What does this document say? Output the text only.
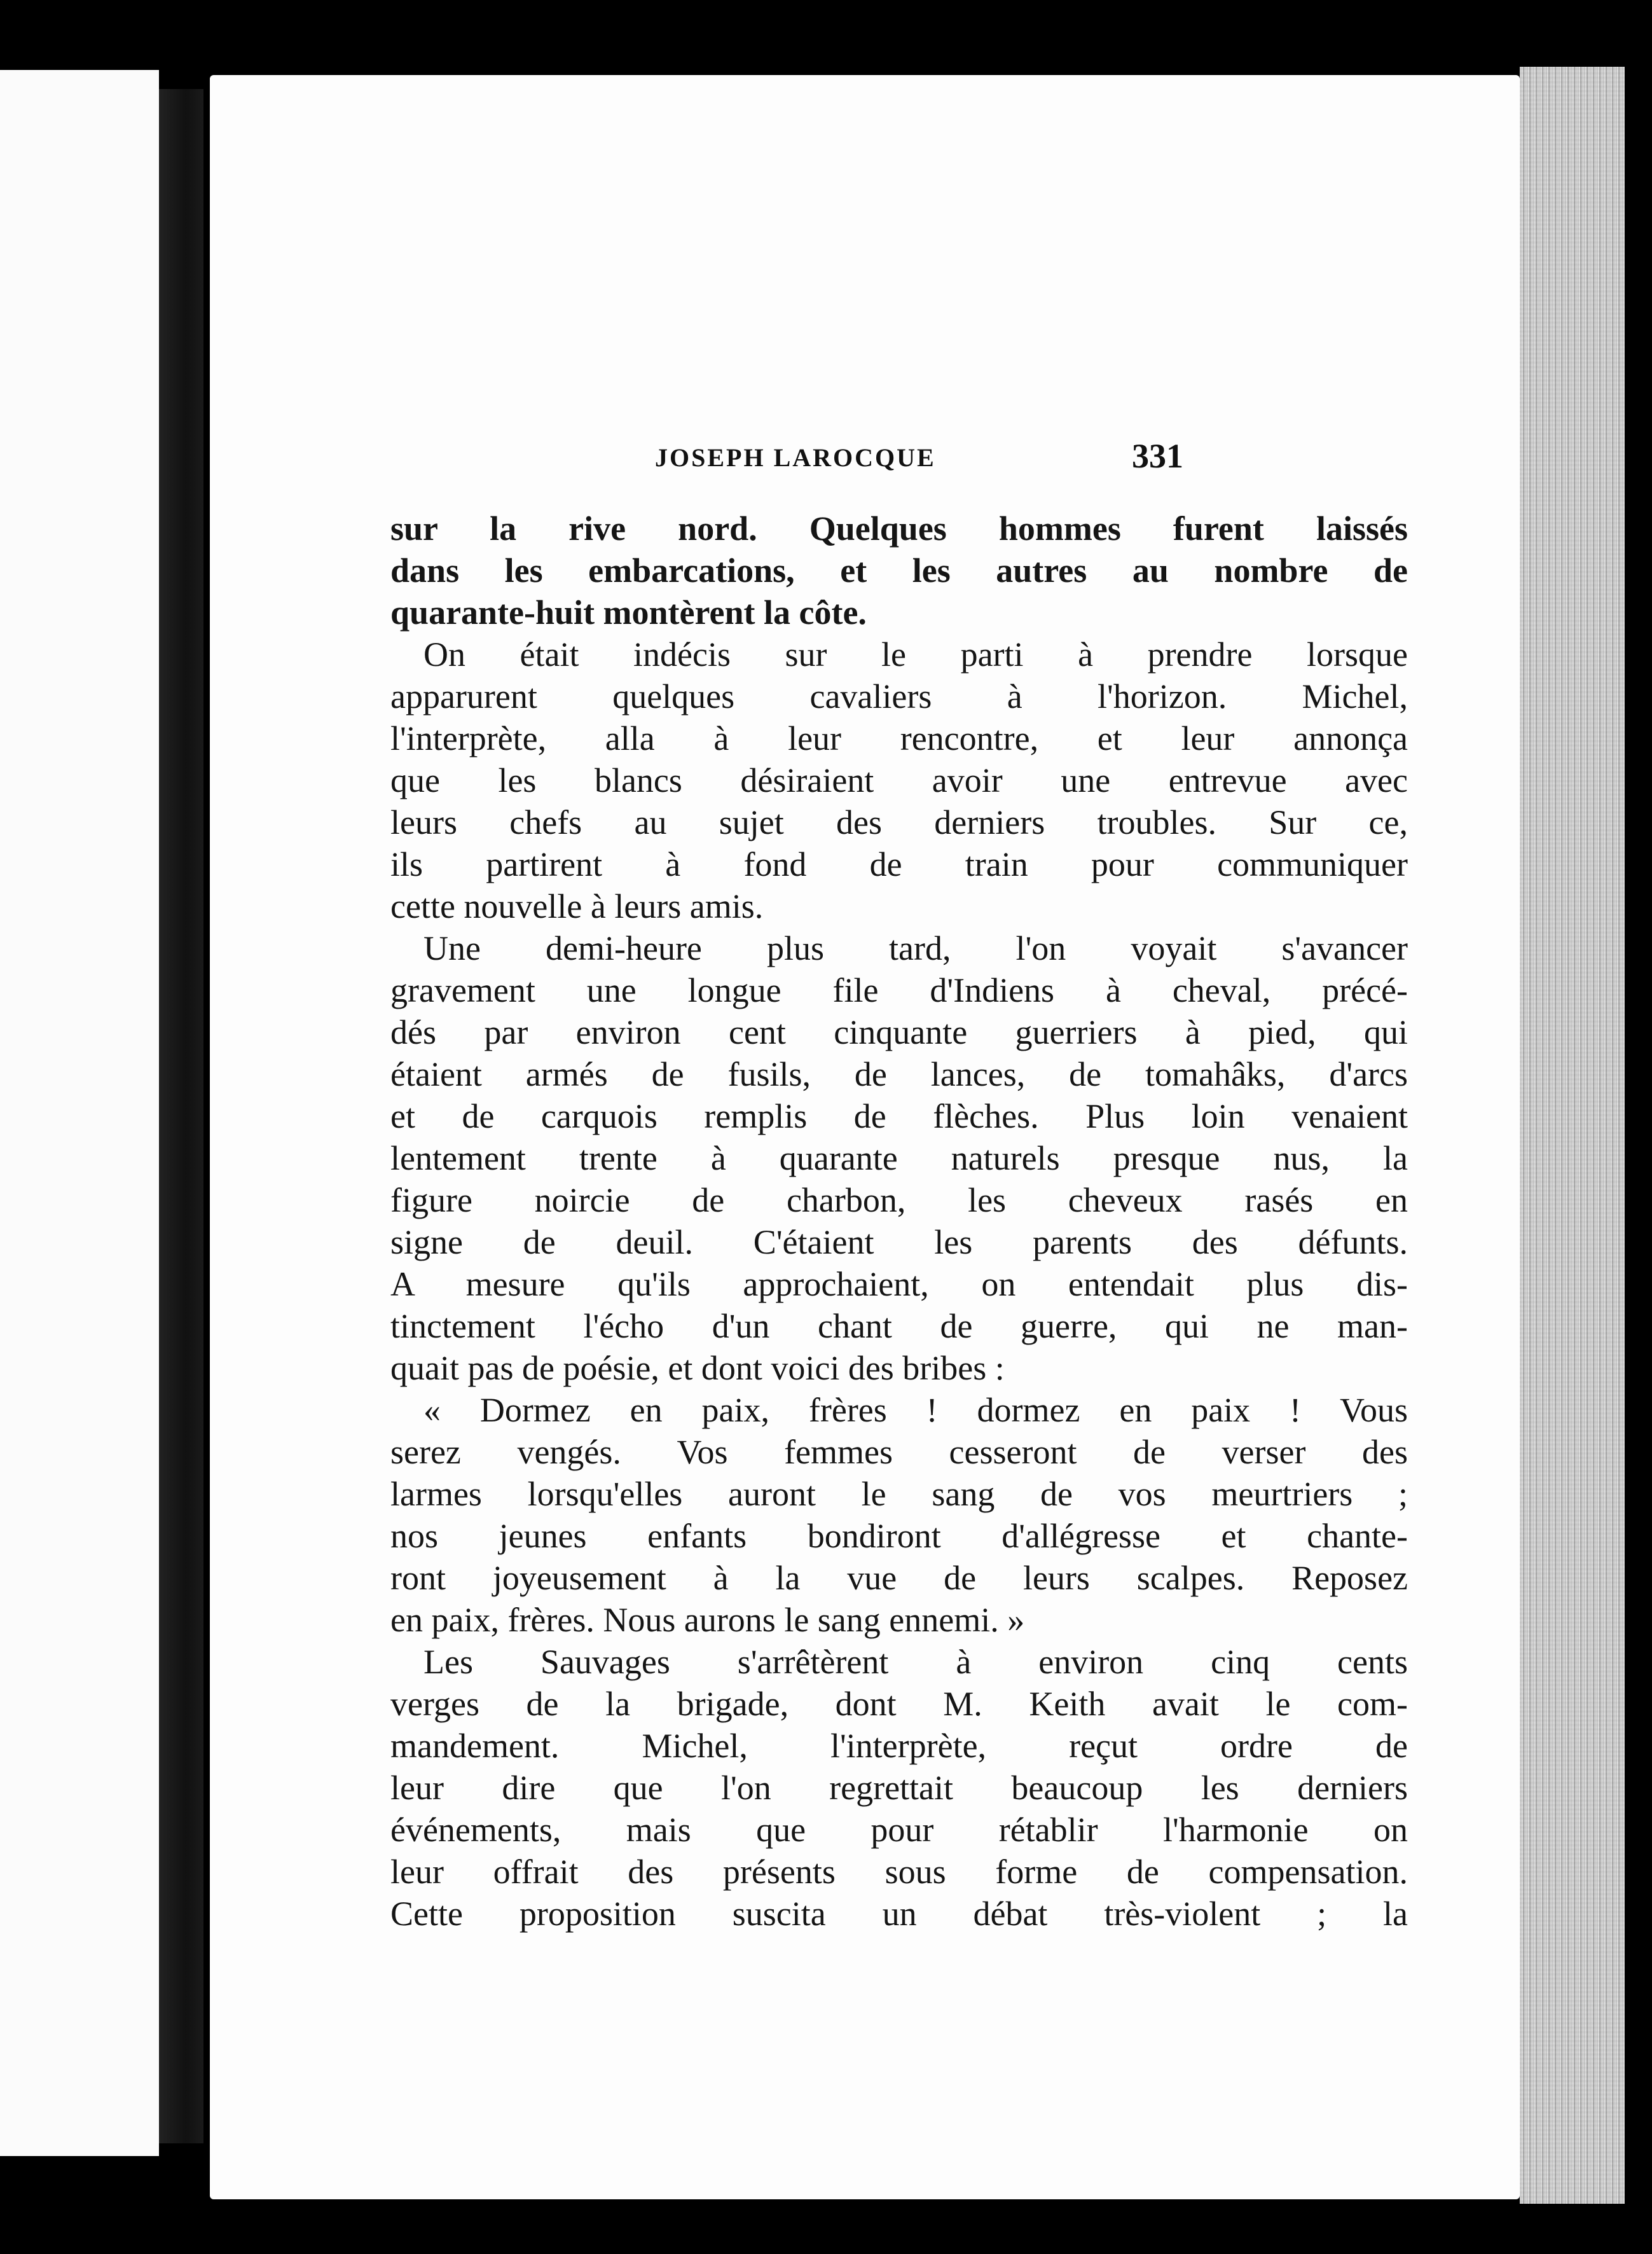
JOSEPH LAROCQUE	331
sur la rive nord. Quelques hommes furent laissés
dans les embarcations, et les autres au nombre de
quarante-huit montèrent la côte.
On était indécis sur le parti à prendre lorsque
apparurent quelques cavaliers à l'horizon. Michel,
l'interprète, alla à leur rencontre, et leur annonça
que les blancs désiraient avoir une entrevue avec
leurs chefs au sujet des derniers troubles. Sur ce,
ils partirent à fond de train pour communiquer
cette nouvelle à leurs amis.
Une demi-heure plus tard, l'on voyait s'avancer
gravement une longue file d'Indiens à cheval, précé-
dés par environ cent cinquante guerriers à pied, qui
étaient armés de fusils, de lances, de tomahâks, d'arcs
et de carquois remplis de flèches. Plus loin venaient
lentement trente à quarante naturels presque nus, la
figure noircie de charbon, les cheveux rasés en
signe de deuil. C'étaient les parents des défunts.
A mesure qu'ils approchaient, on entendait plus dis-
tinctement l'écho d'un chant de guerre, qui ne man-
quait pas de poésie, et dont voici des bribes :
« Dormez en paix, frères ! dormez en paix ! Vous
serez vengés. Vos femmes cesseront de verser des
larmes lorsqu'elles auront le sang de vos meurtriers ;
nos jeunes enfants bondiront d'allégresse et chante-
ront joyeusement à la vue de leurs scalpes. Reposez
en paix, frères. Nous aurons le sang ennemi. »
Les Sauvages s'arrêtèrent à environ cinq cents
verges de la brigade, dont M. Keith avait le com-
mandement. Michel, l'interprète, reçut ordre de
leur dire que l'on regrettait beaucoup les derniers
événements, mais que pour rétablir l'harmonie on
leur offrait des présents sous forme de compensation.
Cette proposition suscita un débat très-violent ; la
